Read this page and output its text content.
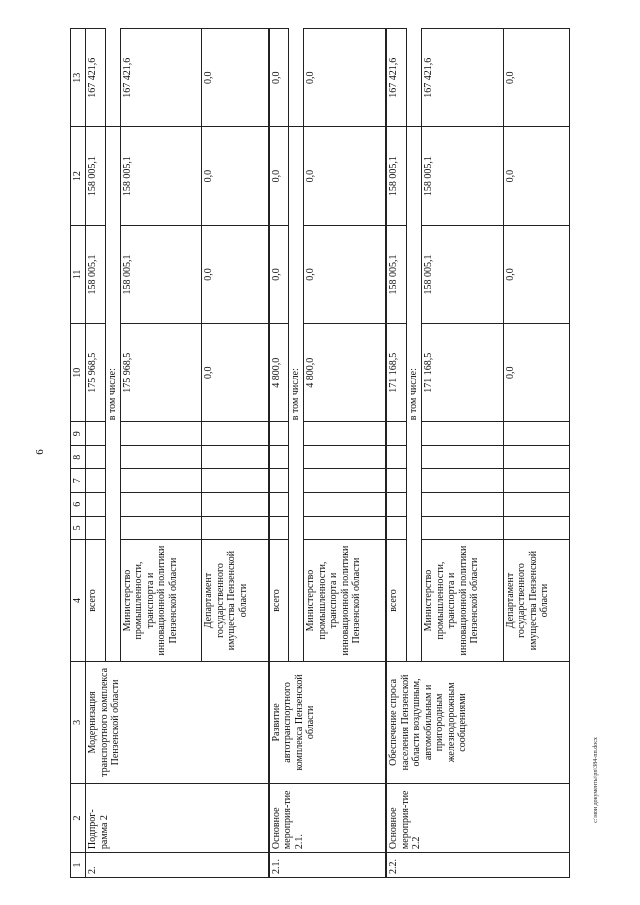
6
c:\мои документы\рп\384-пп.docx
1	2	3	4	5	6	7	8	9	10	11	12	13
2.	Подпрог-рамма 2	Модернизация транспортного комплекса Пензенской области	всего						175 968,5	158 005,1	158 005,1	167 421,6
			в том числе:									
			Министерство промышленности, транспорта и инновационной политики Пензенской области						175 968,5	158 005,1	158 005,1	167 421,6
			Департамент государственного имущества Пензенской области						0,0	0,0	0,0	0,0
2.1.	Основное мероприя-тие 2.1.	Развитие автотранспортного комплекса Пензенской области	всего						4 800,0	0,0	0,0	0,0
			в том числе:									
			Министерство промышленности, транспорта и инновационной политики Пензенской области						4 800,0	0,0	0,0	0,0
2.2.	Основное мероприя-тие 2.2	Обеспечение спроса населения Пензенской области воздушным, автомобильным и пригородным железнодорожным сообщениями	всего						171 168,5	158 005,1	158 005,1	167 421,6
			в том числе:									
			Министерство промышленности, транспорта и инновационной политики Пензенской области						171 168,5	158 005,1	158 005,1	167 421,6
			Департамент государственного имущества Пензенской области						0,0	0,0	0,0	0,0
